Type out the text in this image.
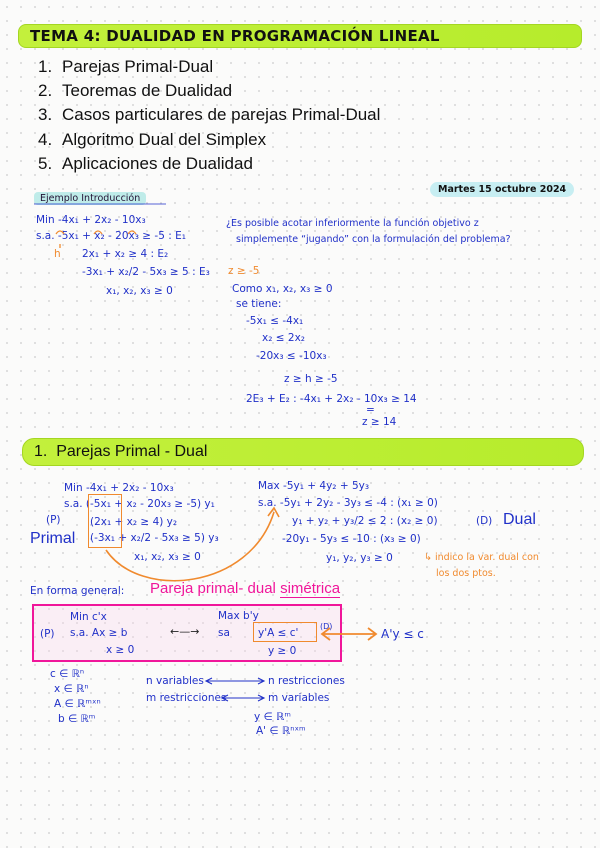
TEMA 4: DUALIDAD EN PROGRAMACIÓN LINEAL
1. Parejas Primal-Dual
2. Teoremas de Dualidad
3. Casos particulares de parejas Primal-Dual
4. Algoritmo Dual del Simplex
5. Aplicaciones de Dualidad
Ejemplo Introducción
Martes 15 octubre 2024
Min -4x₁ + 2x₂ - 10x₃
s.a. -5x₁ + x₂ - 20x₃ ≥ -5 : E₁
2x₁ + x₂ ≥ 4 : E₂
-3x₁ + x₂/2 - 5x₃ ≥ 5 : E₃
x₁, x₂, x₃ ≥ 0
h
¿Es posible acotar inferiormente la función objetivo z
simplemente “jugando” con la formulación del problema?
z ≥ -5
Como x₁, x₂, x₃ ≥ 0
se tiene:
-5x₁ ≤ -4x₁
x₂ ≤ 2x₂
-20x₃ ≤ -10x₃
z ≥ h ≥ -5
2E₃ + E₂ : -4x₁ + 2x₂ - 10x₃ ≥ 14
=
z ≥ 14
1. Parejas Primal - Dual
Min -4x₁ + 2x₂ - 10x₃
s.a. (-5x₁ + x₂ - 20x₃ ≥ -5) y₁
(2x₁ + x₂ ≥ 4) y₂
(-3x₁ + x₂/2 - 5x₃ ≥ 5) y₃
x₁, x₂, x₃ ≥ 0
(P)
Primal
Max -5y₁ + 4y₂ + 5y₃
s.a. -5y₁ + 2y₂ - 3y₃ ≤ -4 : (x₁ ≥ 0)
y₁ + y₂ + y₃/2 ≤ 2 : (x₂ ≥ 0)
-20y₁ - 5y₃ ≤ -10 : (x₃ ≥ 0)
y₁, y₂, y₃ ≥ 0
(D) Dual
↳ indico la var. dual con
los dos ptos.
En forma general: Pareja primal- dual simétrica
(P)
Min c'x
s.a. Ax ≥ b
x ≥ 0
←—→
Max b'y
sa	y'A ≤ c'
y ≥ 0
(D)
A'y ≤ c
c ∈ ℝⁿ
x ∈ ℝⁿ
A ∈ ℝᵐˣⁿ
b ∈ ℝᵐ
n variables	n restricciones
m restricciones	m variables
y ∈ ℝᵐ
A' ∈ ℝⁿˣᵐ
